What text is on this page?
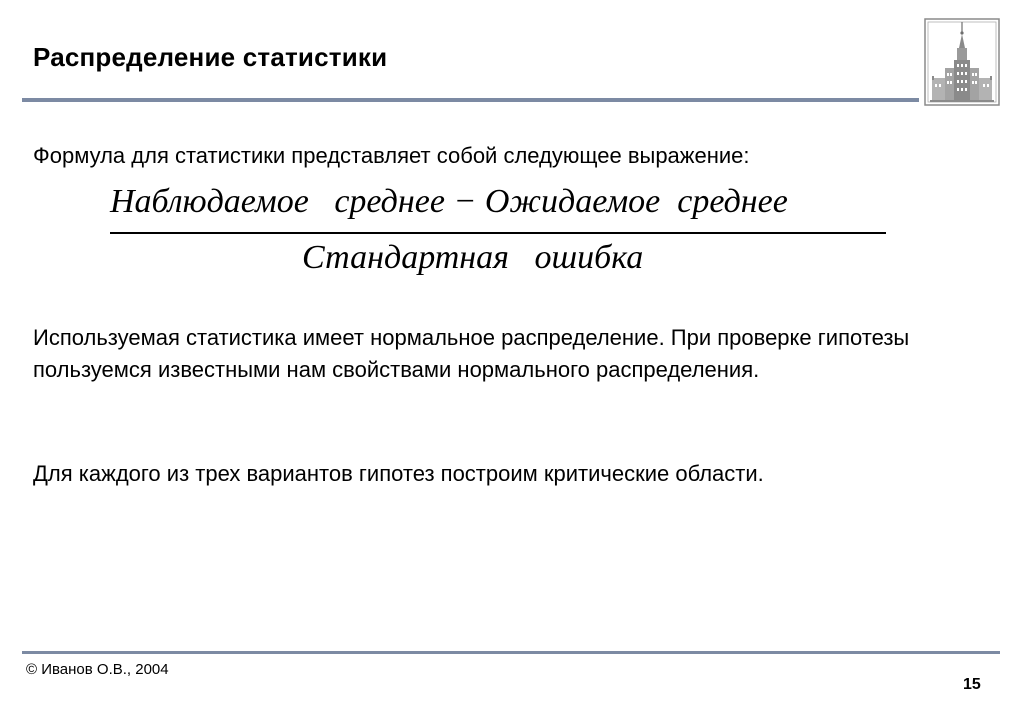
Распределение статистики
Формула для статистики представляет собой следующее выражение:
Наблюдаемое   среднее − Ожидаемое  среднее
Стандартная   ошибка
Используемая статистика имеет нормальное распределение. При проверке гипотезы пользуемся известными нам свойствами нормального распределения.
Для каждого из трех вариантов гипотез построим критические области.
© Иванов О.В., 2004
15
